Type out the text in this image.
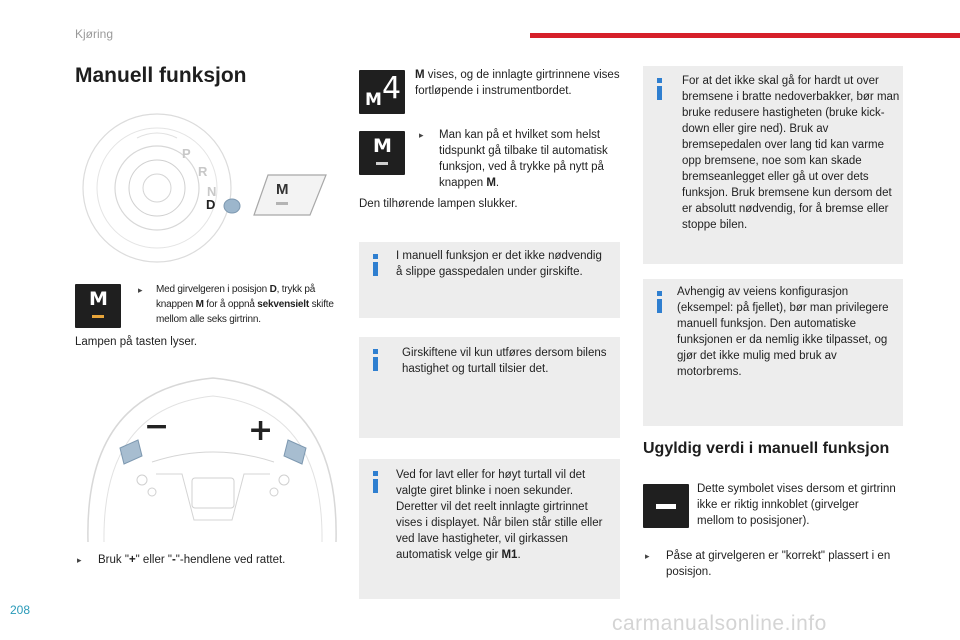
Kjøring
Manuell funksjon
P
R
N
D
M
M	▸ Med girvelgeren i posisjon D, trykk på knappen M for å oppnå sekvensielt skifte mellom alle seks girtrinn.
Lampen på tasten lyser.
−	+
▸ Bruk "+" eller "-"-hendlene ved rattet.
M 4 M vises, og de innlagte girtrinnene vises fortløpende i instrumentbordet.
M	▸ Man kan på et hvilket som helst tidspunkt gå tilbake til automatisk funksjon, ved å trykke på nytt på knappen M.
Den tilhørende lampen slukker.
I manuell funksjon er det ikke nødvendig å slippe gasspedalen under girskifte.
Girskiftene vil kun utføres dersom bilens hastighet og turtall tilsier det.
Ved for lavt eller for høyt turtall vil det valgte giret blinke i noen sekunder. Deretter vil det reelt innlagte girtrinnet vises i displayet. Når bilen står stille eller ved lave hastigheter, vil girkassen automatisk velge gir M1.
For at det ikke skal gå for hardt ut over bremsene i bratte nedoverbakker, bør man bruke redusere hastigheten (bruke kick-down eller gire ned). Bruk av bremsepedalen over lang tid kan varme opp bremsene, noe som kan skade bremseanlegget eller gå ut over dets funksjon. Bruk bremsene kun dersom det er absolutt nødvendig, for å bremse eller stoppe bilen.
Avhengig av veiens konfigurasjon (eksempel: på fjellet), bør man privilegere manuell funksjon. Den automatiske funksjonen er da nemlig ikke tilpasset, og gjør det ikke mulig med bruk av motorbrems.
Ugyldig verdi i manuell funksjon
Dette symbolet vises dersom et girtrinn ikke er riktig innkoblet (girvelger mellom to posisjoner).
▸ Påse at girvelgeren er "korrekt" plassert i en posisjon.
208
carmanualsonline.info
